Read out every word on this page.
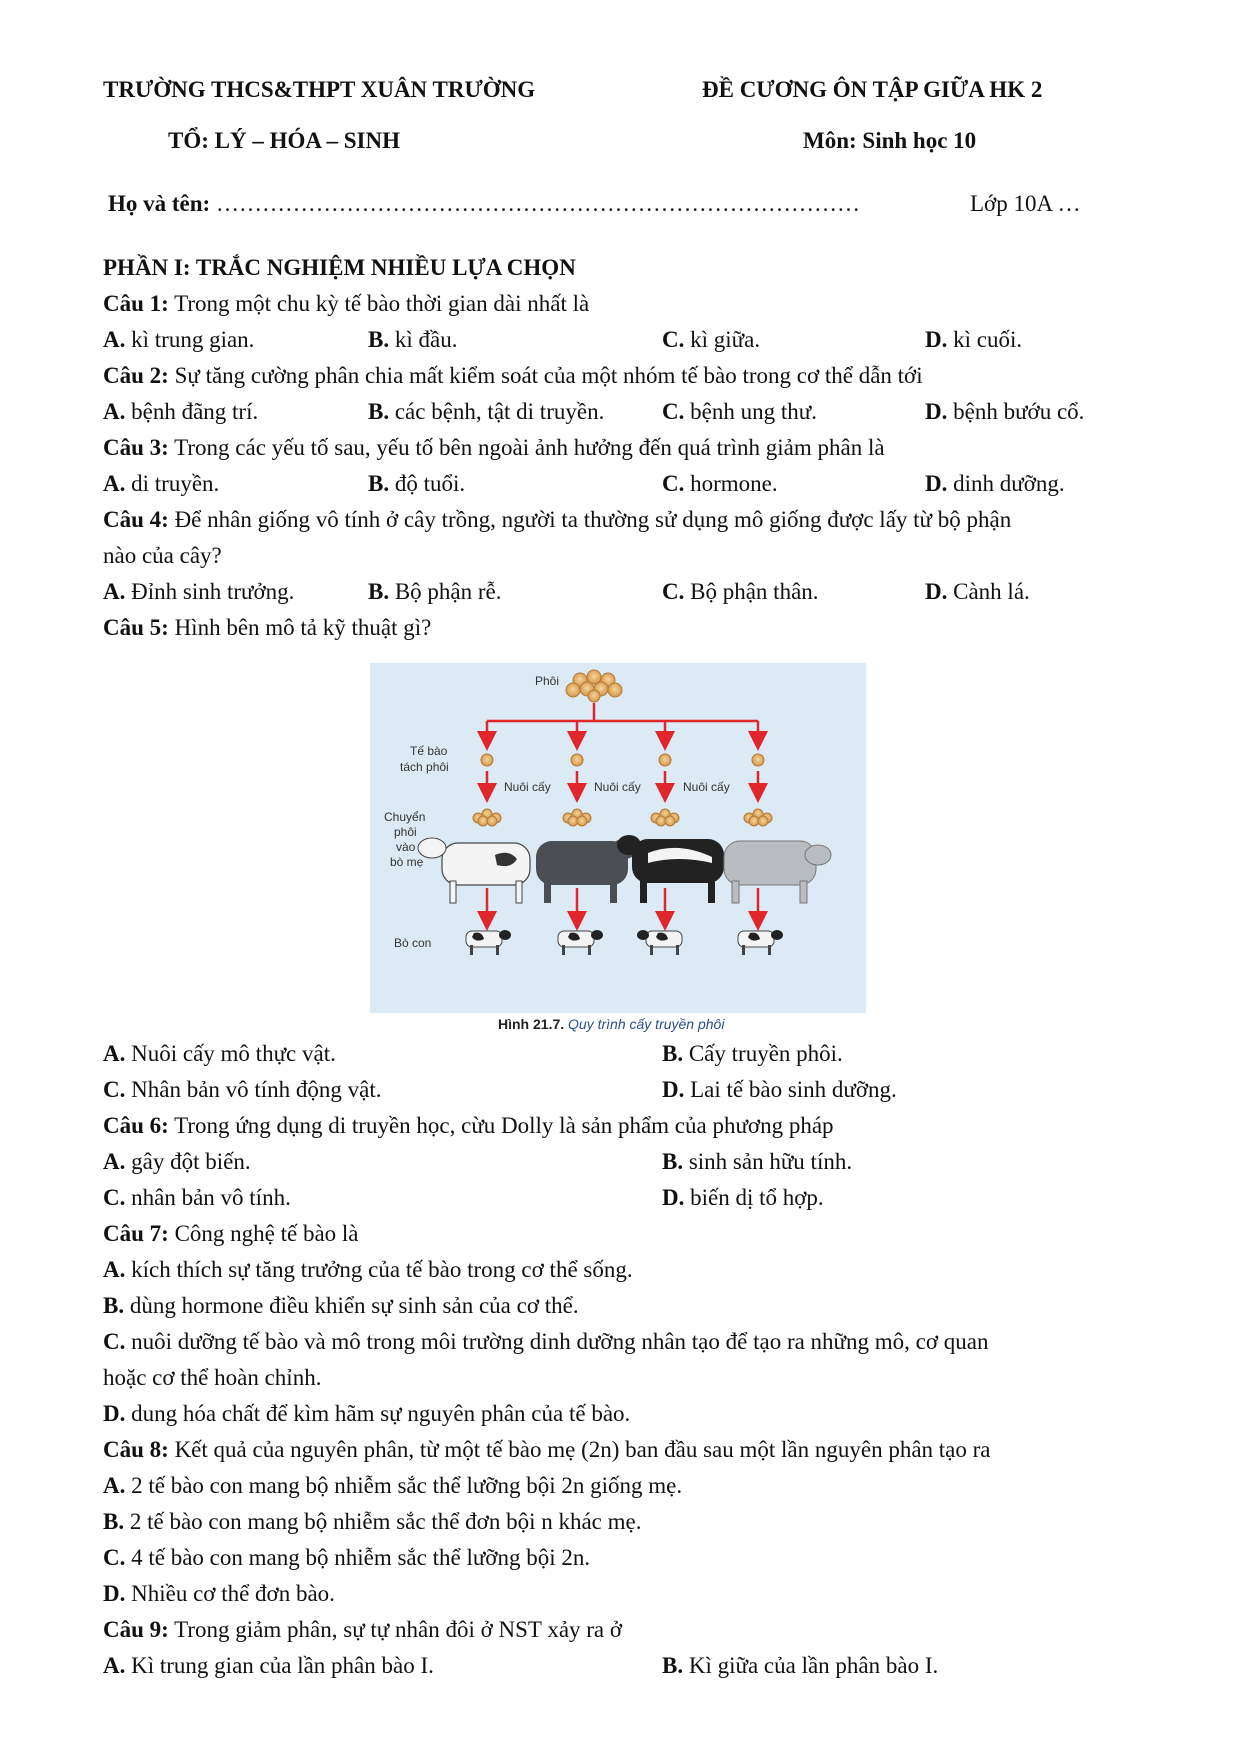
TRƯỜNG THCS&THPT XUÂN TRƯỜNG	ĐỀ CƯƠNG ÔN TẬP GIỮA HK 2
TỔ: LÝ – HÓA – SINH	Môn: Sinh học 10
Họ và tên: …………………………………………………………………………	Lớp 10A …
PHẦN I: TRẮC NGHIỆM NHIỀU LỰA CHỌN
Câu 1: Trong một chu kỳ tế bào thời gian dài nhất là
A. kì trung gian.	B. kì đầu.	C. kì giữa.	D. kì cuối.
Câu 2: Sự tăng cường phân chia mất kiểm soát của một nhóm tế bào trong cơ thể dẫn tới
A. bệnh đãng trí.	B. các bệnh, tật di truyền.	C. bệnh ung thư.	D. bệnh bướu cổ.
Câu 3: Trong các yếu tố sau, yếu tố bên ngoài ảnh hưởng đến quá trình giảm phân là
A. di truyền.	B. độ tuổi.	C. hormone.	D. dinh dưỡng.
Câu 4: Để nhân giống vô tính ở cây trồng, người ta thường sử dụng mô giống được lấy từ bộ phận
nào của cây?
A. Đỉnh sinh trưởng.	B. Bộ phận rễ.	C. Bộ phận thân.	D. Cành lá.
Câu 5: Hình bên mô tả kỹ thuật gì?
Phôi
Tế bào
tách phôi
Nuôi cấy	Nuôi cấy	Nuôi cấy
Chuyển
phôi
vào
bò mẹ
Bò con
Hình 21.7. Quy trình cấy truyền phôi
A. Nuôi cấy mô thực vật.	B. Cấy truyền phôi.
C. Nhân bản vô tính động vật.	D. Lai tế bào sinh dưỡng.
Câu 6: Trong ứng dụng di truyền học, cừu Dolly là sản phẩm của phương pháp
A. gây đột biến.	B. sinh sản hữu tính.
C. nhân bản vô tính.	D. biến dị tổ hợp.
Câu 7: Công nghệ tế bào là
A. kích thích sự tăng trưởng của tế bào trong cơ thể sống.
B. dùng hormone điều khiển sự sinh sản của cơ thể.
C. nuôi dưỡng tế bào và mô trong môi trường dinh dưỡng nhân tạo để tạo ra những mô, cơ quan
hoặc cơ thể hoàn chỉnh.
D. dung hóa chất để kìm hãm sự nguyên phân của tế bào.
Câu 8: Kết quả của nguyên phân, từ một tế bào mẹ (2n) ban đầu sau một lần nguyên phân tạo ra
A. 2 tế bào con mang bộ nhiễm sắc thể lưỡng bội 2n giống mẹ.
B. 2 tế bào con mang bộ nhiễm sắc thể đơn bội n khác mẹ.
C. 4 tế bào con mang bộ nhiễm sắc thể lưỡng bội 2n.
D. Nhiều cơ thể đơn bào.
Câu 9: Trong giảm phân, sự tự nhân đôi ở NST xảy ra ở
A. Kì trung gian của lần phân bào I.	B. Kì giữa của lần phân bào I.
